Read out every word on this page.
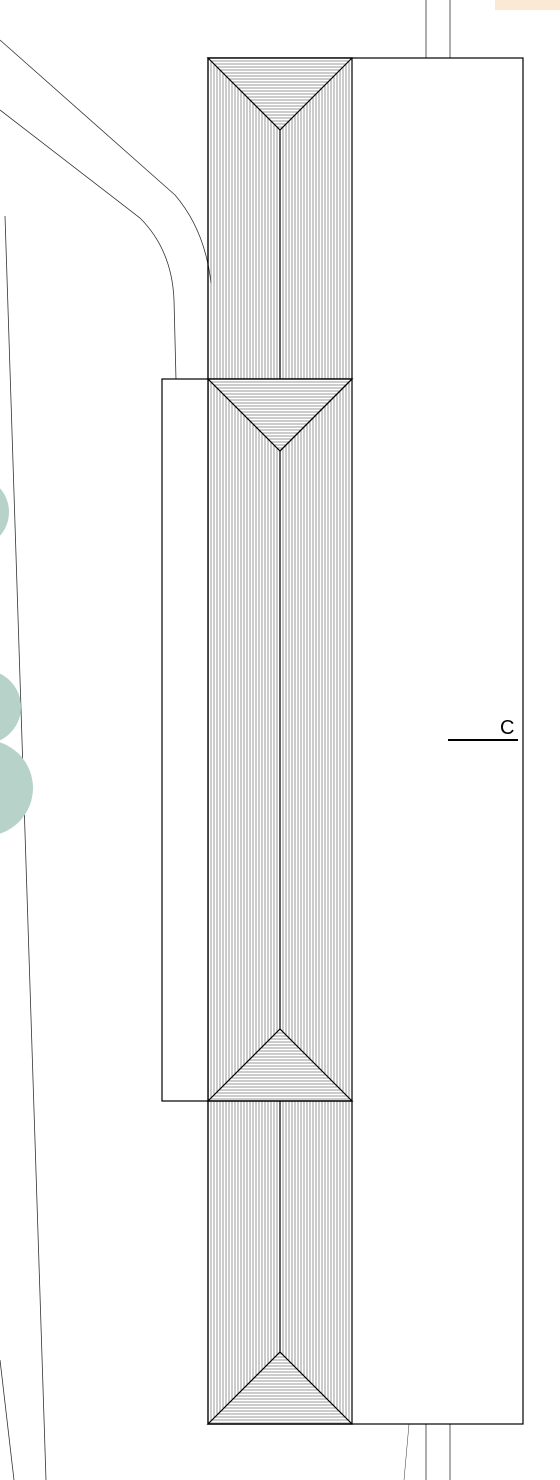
C
